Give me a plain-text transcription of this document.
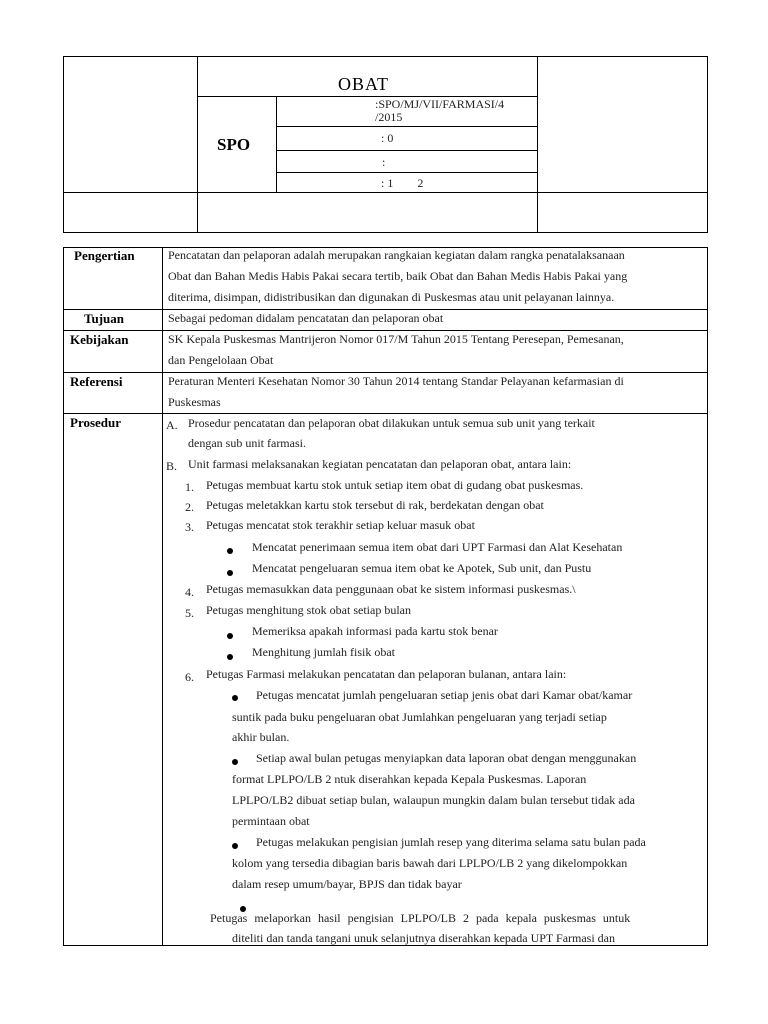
OBAT
SPO
:SPO/MJ/VII/FARMASI/4
/2015
: 0
:
: 1        2
Pengertian	Pencatatan dan pelaporan adalah merupakan rangkaian kegiatan dalam rangka penatalaksanaan
Obat dan Bahan Medis Habis Pakai secara tertib, baik Obat dan Bahan Medis Habis Pakai yang
diterima, disimpan, didistribusikan dan digunakan di Puskesmas atau unit pelayanan lainnya.
Tujuan	Sebagai pedoman didalam pencatatan dan pelaporan obat
Kebijakan	SK Kepala Puskesmas Mantrijeron Nomor 017/M Tahun 2015 Tentang Peresepan, Pemesanan,
dan Pengelolaan Obat
Referensi	Peraturan Menteri Kesehatan Nomor 30 Tahun 2014 tentang Standar Pelayanan kefarmasian di
Puskesmas
Prosedur	A. Prosedur pencatatan dan pelaporan obat dilakukan untuk semua sub unit yang terkait
dengan sub unit farmasi.
B. Unit farmasi melaksanakan kegiatan pencatatan dan pelaporan obat, antara lain:
1. Petugas membuat kartu stok untuk setiap item obat di gudang obat puskesmas.
2. Petugas meletakkan kartu stok tersebut di rak, berdekatan dengan obat
3. Petugas mencatat stok terakhir setiap keluar masuk obat
Mencatat penerimaan semua item obat dari UPT Farmasi dan Alat Kesehatan
Mencatat pengeluaran semua item obat ke Apotek, Sub unit, dan Pustu
4. Petugas memasukkan data penggunaan obat ke sistem informasi puskesmas.\
5. Petugas menghitung stok obat setiap bulan
Memeriksa apakah informasi pada kartu stok benar
Menghitung jumlah fisik obat
6. Petugas Farmasi melakukan pencatatan dan pelaporan bulanan, antara lain:
Petugas mencatat jumlah pengeluaran setiap jenis obat dari Kamar obat/kamar
suntik pada buku pengeluaran obat Jumlahkan pengeluaran yang terjadi setiap
akhir bulan.
Setiap awal bulan petugas menyiapkan data laporan obat dengan menggunakan
format LPLPO/LB 2 ntuk diserahkan kepada Kepala Puskesmas. Laporan
LPLPO/LB2 dibuat setiap bulan, walaupun mungkin dalam bulan tersebut tidak ada
permintaan obat
Petugas melakukan pengisian jumlah resep yang diterima selama satu bulan pada
kolom yang tersedia dibagian baris bawah dari LPLPO/LB 2 yang dikelompokkan
dalam resep umum/bayar, BPJS dan tidak bayar
Petugas melaporkan hasil pengisian LPLPO/LB 2 pada kepala puskesmas untuk
diteliti dan tanda tangani unuk selanjutnya diserahkan kepada UPT Farmasi dan
